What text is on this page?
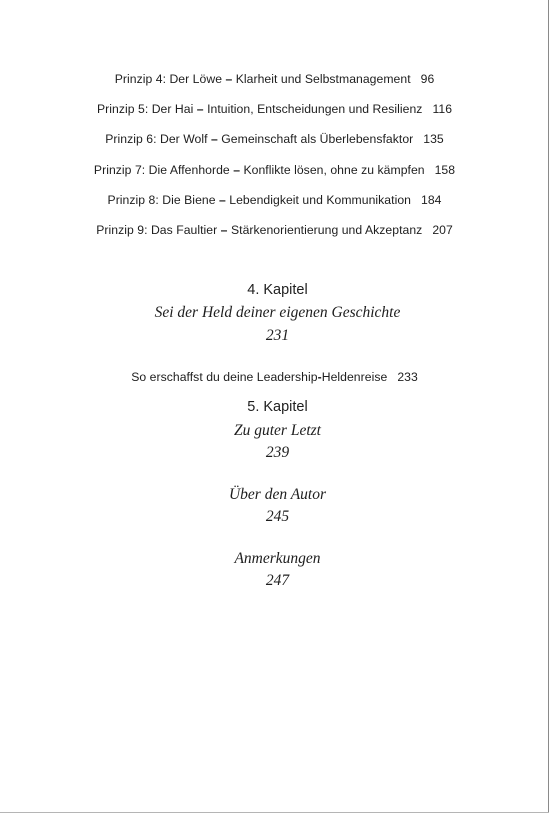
Prinzip 4: Der Löwe – Klarheit und Selbstmanagement 96
Prinzip 5: Der Hai – Intuition, Entscheidungen und Resilienz 116
Prinzip 6: Der Wolf – Gemeinschaft als Überlebensfaktor 135
Prinzip 7: Die Affenhorde – Konflikte lösen, ohne zu kämpfen 158
Prinzip 8: Die Biene – Lebendigkeit und Kommunikation 184
Prinzip 9: Das Faultier – Stärkenorientierung und Akzeptanz 207
4. Kapitel
Sei der Held deiner eigenen Geschichte
231
So erschaffst du deine Leadership-Heldenreise 233
5. Kapitel
Zu guter Letzt
239
Über den Autor
245
Anmerkungen
247
